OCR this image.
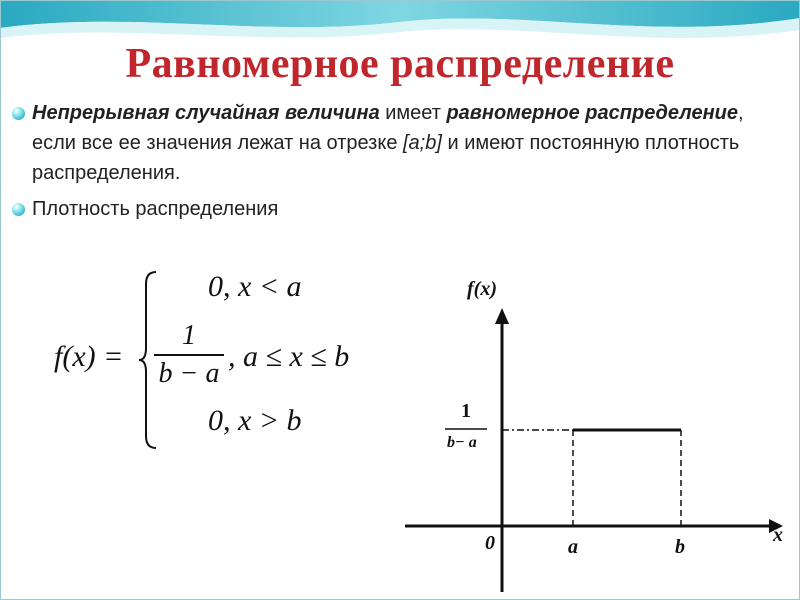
Равномерное распределение
Непрерывная случайная величина имеет равномерное распределение, если все ее значения лежат на отрезке [a;b] и имеют постоянную плотность распределения.
Плотность распределения
f(x) =
0, x < a
1
b − a
, a ≤ x ≤ b
0, x > b
f(x)
x
0	a	b
1
b− a
